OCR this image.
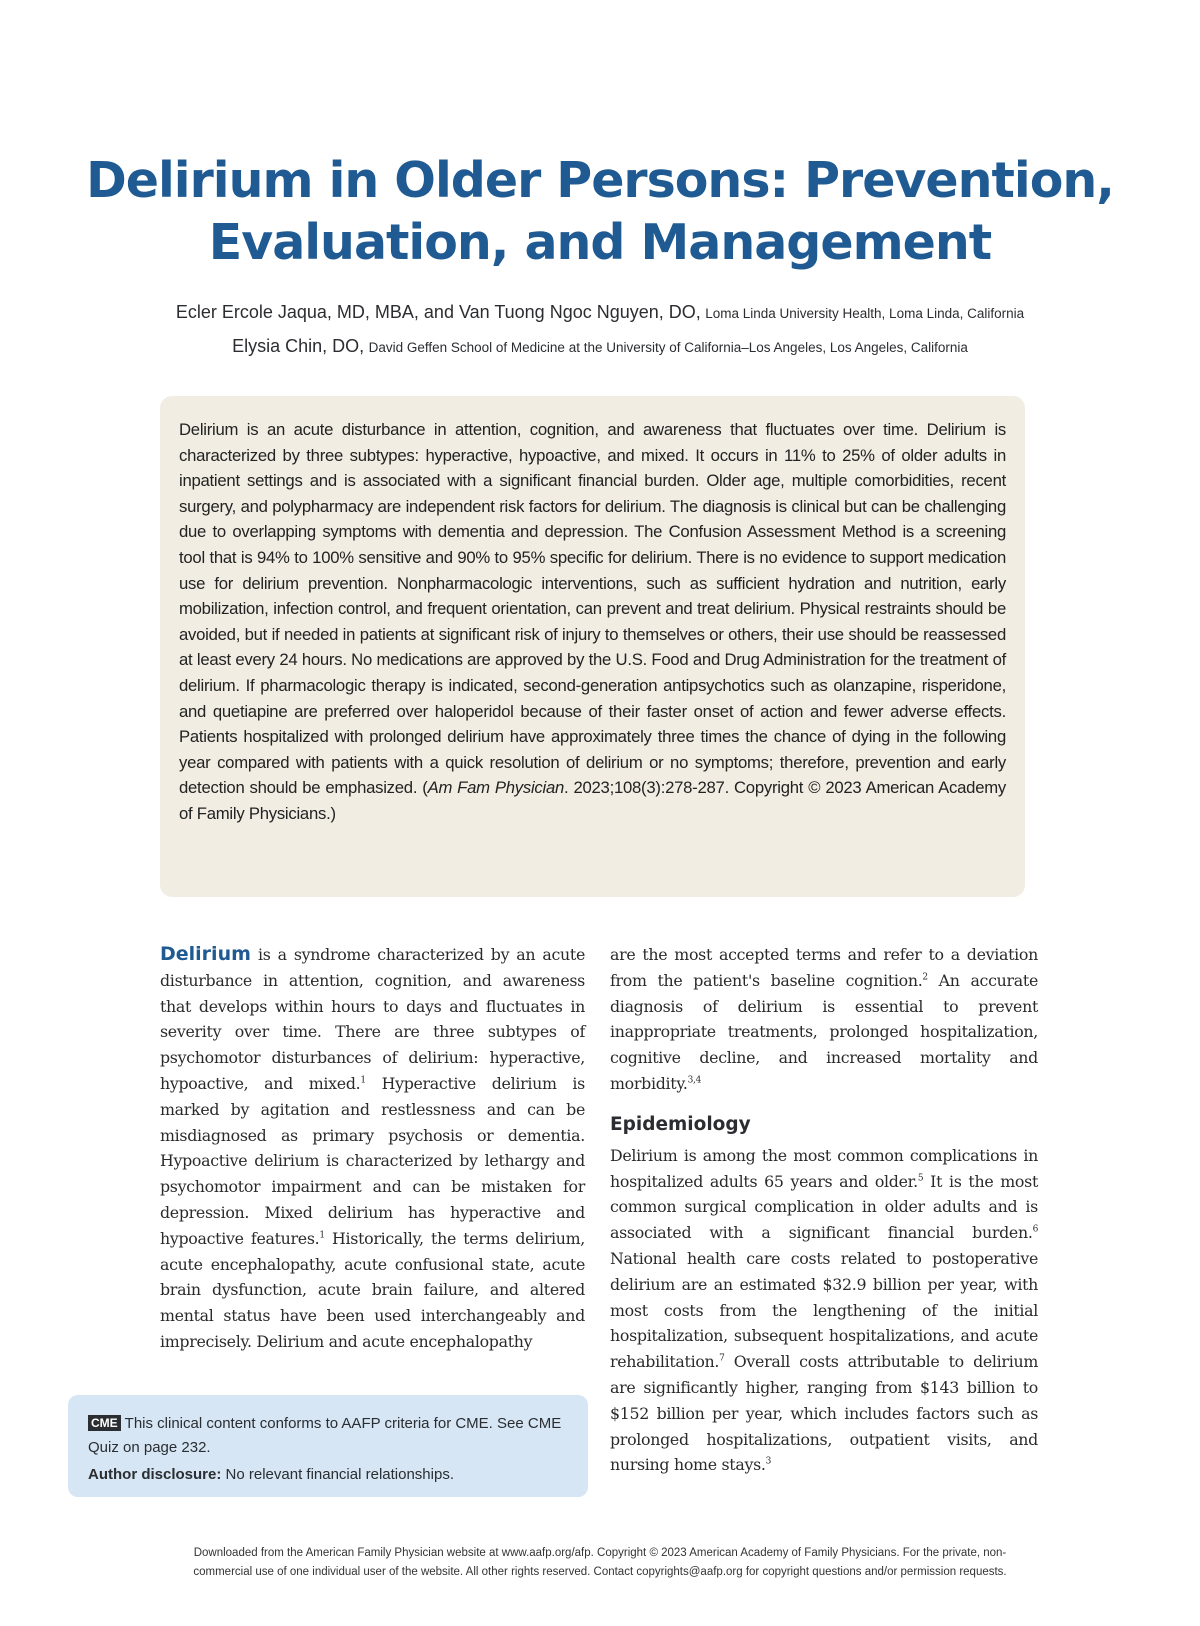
Delirium in Older Persons: Prevention,
Evaluation, and Management
Ecler Ercole Jaqua, MD, MBA, and Van Tuong Ngoc Nguyen, DO, Loma Linda University Health, Loma Linda, California
Elysia Chin, DO, David Geffen School of Medicine at the University of California–Los Angeles, Los Angeles, California

Delirium is an acute disturbance in attention, cognition, and awareness that fluctuates over time. Delirium is characterized by three subtypes: hyperactive, hypoactive, and mixed. It occurs in 11% to 25% of older adults in inpatient settings and is associated with a significant financial burden. Older age, multiple comorbidities, recent surgery, and polypharmacy are independent risk factors for delirium. The diagnosis is clinical but can be challenging due to overlapping symptoms with dementia and depression. The Confusion Assessment Method is a screening tool that is 94% to 100% sensitive and 90% to 95% specific for delirium. There is no evidence to support medication use for delirium prevention. Nonpharmacologic interventions, such as sufficient hydration and nutrition, early mobilization, infection control, and frequent orientation, can prevent and treat delirium. Physical restraints should be avoided, but if needed in patients at significant risk of injury to themselves or others, their use should be reassessed at least every 24 hours. No medications are approved by the U.S. Food and Drug Administration for the treatment of delirium. If pharmacologic therapy is indicated, second-generation antipsychotics such as olanzapine, risperidone, and quetiapine are preferred over haloperidol because of their faster onset of action and fewer adverse effects. Patients hospitalized with prolonged delirium have approximately three times the chance of dying in the following year compared with patients with a quick resolution of delirium or no symptoms; therefore, prevention and early detection should be emphasized. (Am Fam Physician. 2023;108(3):278-287. Copyright © 2023 American Academy of Family Physicians.)

Delirium is a syndrome characterized by an acute disturbance in attention, cognition, and awareness that develops within hours to days and fluctuates in severity over time. There are three subtypes of psychomotor disturbances of delirium: hyperactive, hypoactive, and mixed.$^1$ Hyperactive delirium is marked by agitation and restlessness and can be misdiagnosed as primary psychosis or dementia. Hypoactive delirium is characterized by lethargy and psychomotor impairment and can be mistaken for depression. Mixed delirium has hyperactive and hypoactive features.$^1$ Historically, the terms delirium, acute encephalopathy, acute confusional state, acute brain dysfunction, acute brain failure, and altered mental status have been used interchangeably and imprecisely. Delirium and acute encephalopathy

are the most accepted terms and refer to a deviation from the patient's baseline cognition.$^2$ An accurate diagnosis of delirium is essential to prevent inappropriate treatments, prolonged hospitalization, cognitive decline, and increased mortality and morbidity.$^{3,4}$

Epidemiology

Delirium is among the most common complications in hospitalized adults 65 years and older.$^5$ It is the most common surgical complication in older adults and is associated with a significant financial burden.$^6$ National health care costs related to postoperative delirium are an estimated $32.9 billion per year, with most costs from the lengthening of the initial hospitalization, subsequent hospitalizations, and acute rehabilitation.$^7$ Overall costs attributable to delirium are significantly higher, ranging from $143 billion to $152 billion per year, which includes factors such as prolonged hospitalizations, outpatient visits, and nursing home stays.$^3$

CME This clinical content conforms to AAFP criteria for CME. See CME Quiz on page 232.

Author disclosure: No relevant financial relationships.

Downloaded from the American Family Physician website at www.aafp.org/afp. Copyright © 2023 American Academy of Family Physicians. For the private, non-
commercial use of one individual user of the website. All other rights reserved. Contact copyrights@aafp.org for copyright questions and/or permission requests.
